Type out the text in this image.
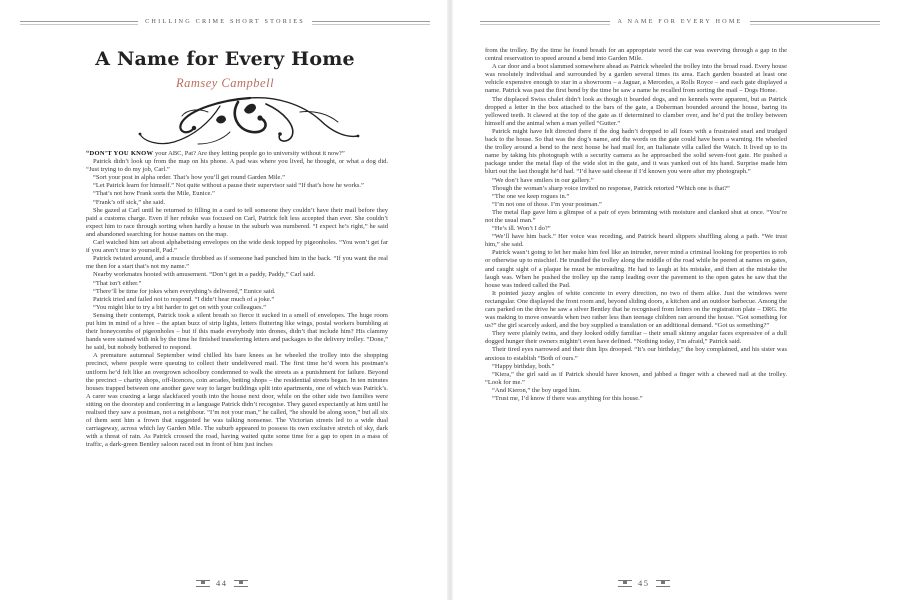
CHILLING CRIME SHORT STORIES
A Name for Every Home
Ramsey Campbell

“DON’T YOU KNOW your ABC, Pat? Are they letting people go to university without it now?”

Patrick didn’t look up from the map on his phone. A pad was where you lived, he thought, or what a dog did. “Just trying to do my job, Carl.”

“Sort your post in alpha order. That’s how you’ll get round Garden Mile.”

“Let Patrick learn for himself.” Not quite without a pause their supervisor said “If that’s how he works.”

“That’s not how Frank sorts the Mile, Eunice.”

“Frank’s off sick,” she said.

She gazed at Carl until he returned to filling in a card to tell someone they couldn’t have their mail before they paid a customs charge. Even if her rebuke was focused on Carl, Patrick felt less accepted than ever. She couldn’t expect him to race through sorting when hardly a house in the suburb was numbered. “I expect he’s right,” he said and abandoned searching for house names on the map.

Carl watched him set about alphabetising envelopes on the wide desk topped by pigeonholes. “You won’t get far if you aren’t true to yourself, Pad.”

Patrick twisted around, and a muscle throbbed as if someone had punched him in the back. “If you want the real me then for a start that’s not my name.”

Nearby workmates hooted with amusement. “Don’t get in a paddy, Paddy,” Carl said.

“That isn’t either.”

“There’ll be time for jokes when everything’s delivered,” Eunice said.

Patrick tried and failed not to respond. “I didn’t hear much of a joke.”

“You might like to try a bit harder to get on with your colleagues.”

Sensing their contempt, Patrick took a silent breath so fierce it sucked in a smell of envelopes. The huge room put him in mind of a hive – the apian buzz of strip lights, letters fluttering like wings, postal workers bumbling at their honeycombs of pigeonholes – but if this made everybody into drones, didn’t that include him? His clammy hands were stained with ink by the time he finished transferring letters and packages to the delivery trolley. “Done,” he said, but nobody bothered to respond.

A premature autumnal September wind chilled his bare knees as he wheeled the trolley into the shopping precinct, where people were queuing to collect their undelivered mail. The first time he’d worn his postman’s uniform he’d felt like an overgrown schoolboy condemned to walk the streets as a punishment for failure. Beyond the precinct – charity shops, off-licences, coin arcades, betting shops – the residential streets began. In ten minutes houses trapped between one another gave way to larger buildings split into apartments, one of which was Patrick’s. A carer was coaxing a large slackfaced youth into the house next door, while on the other side two families were sitting on the doorstep and conferring in a language Patrick didn’t recognise. They gazed expectantly at him until he realised they saw a postman, not a neighbour. “I’m not your man,” he called, “he should be along soon,” but all six of them sent him a frown that suggested he was talking nonsense. The Victorian streets led to a wide dual carriageway, across which lay Garden Mile. The suburb appeared to possess its own exclusive stretch of sky, dark with a threat of rain. As Patrick crossed the road, having waited quite some time for a gap to open in a mass of traffic, a dark-green Bentley saloon raced out in front of him just inches

44
A NAME FOR EVERY HOME

from the trolley. By the time he found breath for an appropriate word the car was swerving through a gap in the central reservation to speed around a bend into Garden Mile.

A car door and a boot slammed somewhere ahead as Patrick wheeled the trolley into the broad road. Every house was resolutely individual and surrounded by a garden several times its area. Each garden boasted at least one vehicle expensive enough to star in a showroom – a Jaguar, a Mercedes, a Rolls Royce – and each gate displayed a name. Patrick was past the first bend by the time he saw a name he recalled from sorting the mail – Dogs Home.

The displaced Swiss chalet didn’t look as though it boarded dogs, and no kennels were apparent, but as Patrick dropped a letter in the box attached to the bars of the gate, a Doberman bounded around the house, baring its yellowed teeth. It clawed at the top of the gate as if determined to clamber over, and he’d put the trolley between himself and the animal when a man yelled “Gutter.”

Patrick might have felt directed there if the dog hadn’t dropped to all fours with a frustrated snarl and trudged back to the house. So that was the dog’s name, and the words on the gate could have been a warning. He wheeled the trolley around a bend to the next house he had mail for, an Italianate villa called the Watch. It lived up to its name by taking his photograph with a security camera as he approached the solid seven-foot gate. He pushed a package under the metal flap of the wide slot in the gate, and it was yanked out of his hand. Surprise made him blurt out the last thought he’d had. “I’d have said cheese if I’d known you were after my photograph.”

“We don’t have smilers in our gallery.”

Though the woman’s sharp voice invited no response, Patrick retorted “Which one is that?”

“The one we keep rogues in.”

“I’m not one of those. I’m your postman.”

The metal flap gave him a glimpse of a pair of eyes brimming with moisture and clanked shut at once. “You’re not the usual man.”

“He’s ill. Won’t I do?”

“We’ll have him back.” Her voice was receding, and Patrick heard slippers shuffling along a path. “We trust him,” she said.

Patrick wasn’t going to let her make him feel like an intruder, never mind a criminal looking for properties to rob or otherwise up to mischief. He trundled the trolley along the middle of the road while he peered at names on gates, and caught sight of a plaque he must be misreading. He had to laugh at his mistake, and then at the mistake the laugh was. When he pushed the trolley up the ramp leading over the pavement to the open gates he saw that the house was indeed called the Pad.

It pointed jazzy angles of white concrete in every direction, no two of them alike. Just the windows were rectangular. One displayed the front room and, beyond sliding doors, a kitchen and an outdoor barbecue. Among the cars parked on the drive he saw a silver Bentley that he recognised from letters on the registration plate – DRG. He was making to move onwards when two rather less than teenage children ran around the house. “Got something for us?” the girl scarcely asked, and the boy supplied a translation or an additional demand. “Got us something?”

They were plainly twins, and they looked oddly familiar – their small skinny angular faces expressive of a dull dogged hunger their owners mightn’t even have defined. “Nothing today, I’m afraid,” Patrick said.

Their tired eyes narrowed and their thin lips drooped. “It’s our birthday,” the boy complained, and his sister was anxious to establish “Both of ours.”

“Happy birthday, both.”

“Kiera,” the girl said as if Patrick should have known, and jabbed a finger with a chewed nail at the trolley. “Look for me.”

“And Kieron,” the boy urged him.

“Trust me, I’d know if there was anything for this house.”

45
